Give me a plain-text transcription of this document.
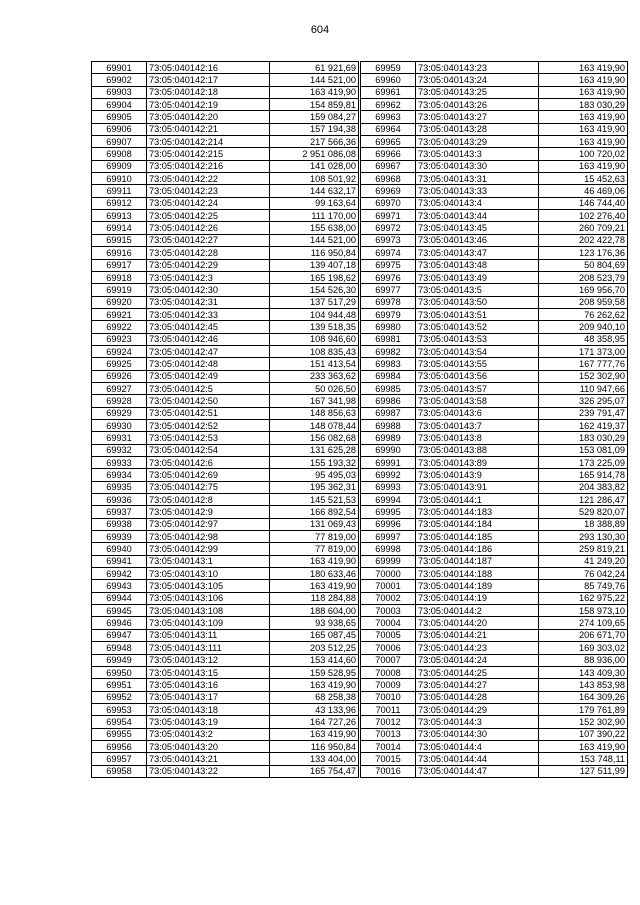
604
69901	73:05:040142:16	61 921,69
69902	73:05:040142:17	144 521,00
69903	73:05:040142:18	163 419,90
69904	73:05:040142:19	154 859,81
69905	73:05:040142:20	159 084,27
69906	73:05:040142:21	157 194,38
69907	73:05:040142:214	217 566,36
69908	73:05:040142:215	2 951 086,08
69909	73:05:040142:216	141 028,00
69910	73:05:040142:22	108 501,92
69911	73:05:040142:23	144 632,17
69912	73:05:040142:24	99 163,64
69913	73:05:040142:25	111 170,00
69914	73:05:040142:26	155 638,00
69915	73:05:040142:27	144 521,00
69916	73:05:040142:28	116 950,84
69917	73:05:040142:29	139 407,18
69918	73:05:040142:3	165 198,62
69919	73:05:040142:30	154 526,30
69920	73:05:040142:31	137 517,29
69921	73:05:040142:33	104 944,48
69922	73:05:040142:45	139 518,35
69923	73:05:040142:46	108 946,60
69924	73:05:040142:47	108 835,43
69925	73:05:040142:48	151 413,54
69926	73:05:040142:49	233 363,62
69927	73:05:040142:5	50 026,50
69928	73:05:040142:50	167 341,98
69929	73:05:040142:51	148 856,63
69930	73:05:040142:52	148 078,44
69931	73:05:040142:53	156 082,68
69932	73:05:040142:54	131 625,28
69933	73:05:040142:6	155 193,32
69934	73:05:040142:69	95 495,03
69935	73:05:040142:75	195 362,31
69936	73:05:040142:8	145 521,53
69937	73:05:040142:9	166 892,54
69938	73:05:040142:97	131 069,43
69939	73:05:040142:98	77 819,00
69940	73:05:040142:99	77 819,00
69941	73:05:040143:1	163 419,90
69942	73:05:040143:10	180 633,46
69943	73:05:040143:105	163 419,90
69944	73:05:040143:106	118 284,88
69945	73:05:040143:108	188 604,00
69946	73:05:040143:109	93 938,65
69947	73:05:040143:11	165 087,45
69948	73:05:040143:111	203 512,25
69949	73:05:040143:12	153 414,60
69950	73:05:040143:15	159 528,95
69951	73:05:040143:16	163 419,90
69952	73:05:040143:17	68 258,38
69953	73:05:040143:18	43 133,96
69954	73:05:040143:19	164 727,26
69955	73:05:040143:2	163 419,90
69956	73:05:040143:20	116 950,84
69957	73:05:040143:21	133 404,00
69958	73:05:040143:22	165 754,47
69959	73:05:040143:23	163 419,90
69960	73:05:040143:24	163 419,90
69961	73:05:040143:25	163 419,90
69962	73:05:040143:26	183 030,29
69963	73:05:040143:27	163 419,90
69964	73:05:040143:28	163 419,90
69965	73:05:040143:29	163 419,90
69966	73:05:040143:3	100 720,02
69967	73:05:040143:30	163 419,90
69968	73:05:040143:31	15 452,63
69969	73:05:040143:33	46 469,06
69970	73:05:040143:4	146 744,40
69971	73:05:040143:44	102 276,40
69972	73:05:040143:45	260 709,21
69973	73:05:040143:46	202 422,78
69974	73:05:040143:47	123 176,36
69975	73:05:040143:48	50 804,69
69976	73:05:040143:49	208 523,79
69977	73:05:040143:5	169 956,70
69978	73:05:040143:50	208 959,58
69979	73:05:040143:51	76 262,62
69980	73:05:040143:52	209 940,10
69981	73:05:040143:53	48 358,95
69982	73:05:040143:54	171 373,00
69983	73:05:040143:55	167 777,76
69984	73:05:040143:56	152 302,90
69985	73:05:040143:57	110 947,66
69986	73:05:040143:58	326 295,07
69987	73:05:040143:6	239 791,47
69988	73:05:040143:7	162 419,37
69989	73:05:040143:8	183 030,29
69990	73:05:040143:88	153 081,09
69991	73:05:040143:89	173 225,09
69992	73:05:040143:9	165 914,78
69993	73:05:040143:91	204 383,82
69994	73:05:040144:1	121 286,47
69995	73:05:040144:183	529 820,07
69996	73:05:040144:184	18 388,89
69997	73:05:040144:185	293 130,30
69998	73:05:040144:186	259 819,21
69999	73:05:040144:187	41 249,20
70000	73:05:040144:188	76 042,24
70001	73:05:040144:189	85 749,76
70002	73:05:040144:19	162 975,22
70003	73:05:040144:2	158 973,10
70004	73:05:040144:20	274 109,65
70005	73:05:040144:21	206 671,70
70006	73:05:040144:23	169 303,02
70007	73:05:040144:24	88 936,00
70008	73:05:040144:25	143 409,30
70009	73:05:040144:27	143 853,98
70010	73:05:040144:28	164 309,26
70011	73:05:040144:29	179 761,89
70012	73:05:040144:3	152 302,90
70013	73:05:040144:30	107 390,22
70014	73:05:040144:4	163 419,90
70015	73:05:040144:44	153 748,11
70016	73:05:040144:47	127 511,99
